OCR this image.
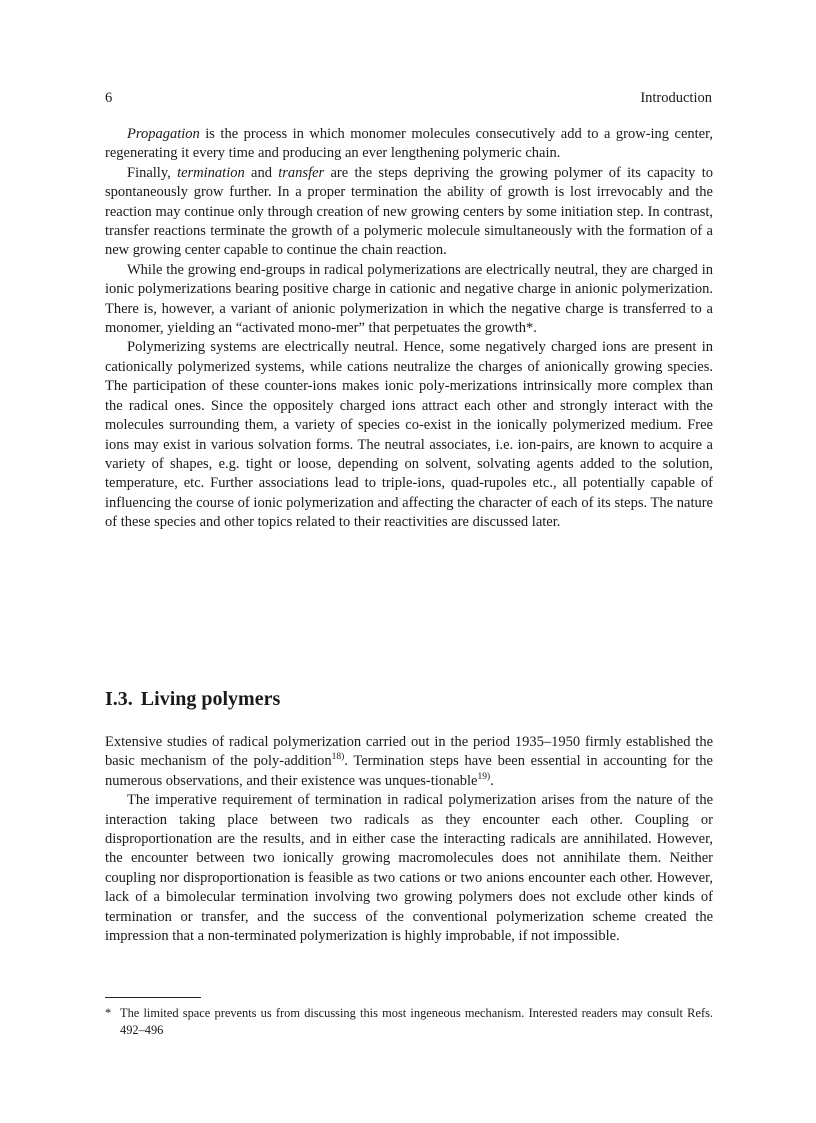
6	Introduction

Propagation is the process in which monomer molecules consecutively add to a grow-ing center, regenerating it every time and producing an ever lengthening polymeric chain.

Finally, termination and transfer are the steps depriving the growing polymer of its capacity to spontaneously grow further. In a proper termination the ability of growth is lost irrevocably and the reaction may continue only through creation of new growing centers by some initiation step. In contrast, transfer reactions terminate the growth of a polymeric molecule simultaneously with the formation of a new growing center capable to continue the chain reaction.

While the growing end-groups in radical polymerizations are electrically neutral, they are charged in ionic polymerizations bearing positive charge in cationic and negative charge in anionic polymerization. There is, however, a variant of anionic polymerization in which the negative charge is transferred to a monomer, yielding an “activated mono-mer” that perpetuates the growth*.

Polymerizing systems are electrically neutral. Hence, some negatively charged ions are present in cationically polymerized systems, while cations neutralize the charges of anionically growing species. The participation of these counter-ions makes ionic poly-merizations intrinsically more complex than the radical ones. Since the oppositely charged ions attract each other and strongly interact with the molecules surrounding them, a variety of species co-exist in the ionically polymerized medium. Free ions may exist in various solvation forms. The neutral associates, i.e. ion-pairs, are known to acquire a variety of shapes, e.g. tight or loose, depending on solvent, solvating agents added to the solution, temperature, etc. Further associations lead to triple-ions, quad-rupoles etc., all potentially capable of influencing the course of ionic polymerization and affecting the character of each of its steps. The nature of these species and other topics related to their reactivities are discussed later.

I.3. Living polymers

Extensive studies of radical polymerization carried out in the period 1935–1950 firmly established the basic mechanism of the poly-addition$^{18)}$. Termination steps have been essential in accounting for the numerous observations, and their existence was unques-tionable$^{19)}$.

The imperative requirement of termination in radical polymerization arises from the nature of the interaction taking place between two radicals as they encounter each other. Coupling or disproportionation are the results, and in either case the interacting radicals are annihilated. However, the encounter between two ionically growing macromolecules does not annihilate them. Neither coupling nor disproportionation is feasible as two cations or two anions encounter each other. However, lack of a bimolecular termination involving two growing polymers does not exclude other kinds of termination or transfer, and the success of the conventional polymerization scheme created the impression that a non-terminated polymerization is highly improbable, if not impossible.

* The limited space prevents us from discussing this most ingeneous mechanism. Interested readers may consult Refs. 492–496
